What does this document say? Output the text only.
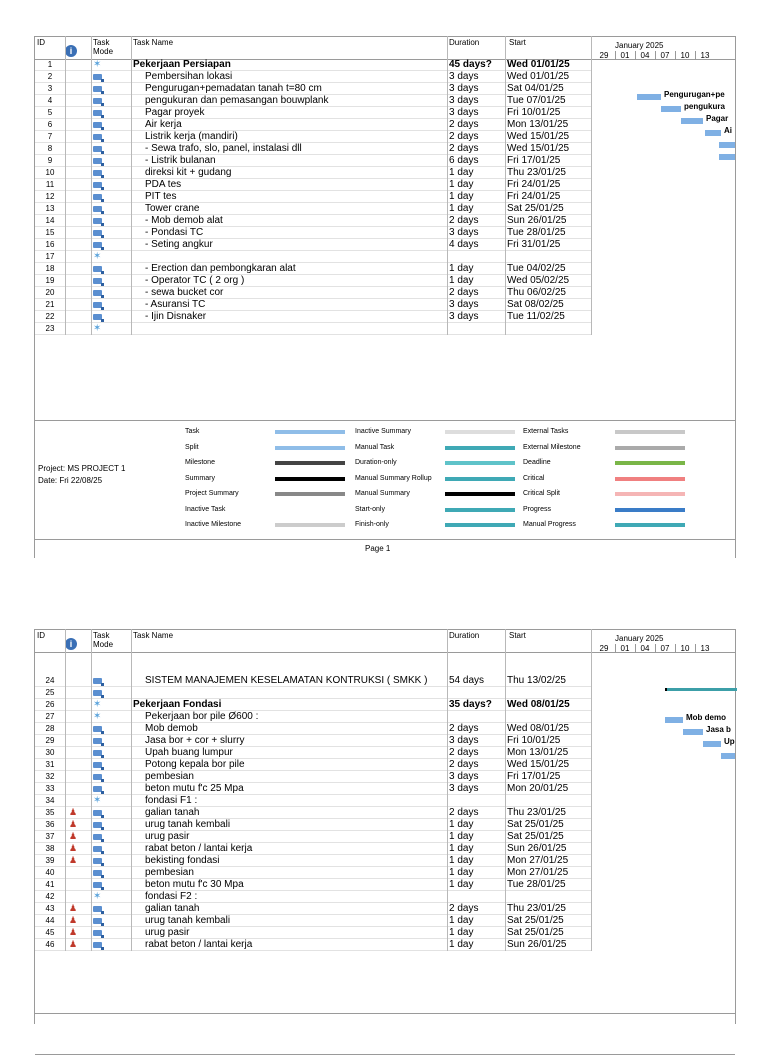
ID
i
Task Mode
Task Name	Duration	Start	January 2025
29	01	04	07	10	13
1	✶	Pekerjaan Persiapan	45 days?	Wed 01/01/25
2	Pembersihan lokasi	3 days	Wed 01/01/25
3	Pengurugan+pemadatan tanah t=80 cm	3 days	Sat 04/01/25
4	pengukuran dan pemasangan bouwplank	3 days	Tue 07/01/25
5	Pagar proyek	3 days	Fri 10/01/25
6	Air kerja	2 days	Mon 13/01/25
7	Listrik kerja (mandiri)	2 days	Wed 15/01/25
8	- Sewa trafo, slo, panel, instalasi dll	2 days	Wed 15/01/25
9	- Listrik bulanan	6 days	Fri 17/01/25
10	direksi kit + gudang	1 day	Thu 23/01/25
11	PDA tes	1 day	Fri 24/01/25
12	PIT tes	1 day	Fri 24/01/25
13	Tower crane	1 day	Sat 25/01/25
14	- Mob demob alat	2 days	Sun 26/01/25
15	- Pondasi TC	3 days	Tue 28/01/25
16	- Seting angkur	4 days	Fri 31/01/25
17	✶
18	- Erection dan pembongkaran alat	1 day	Tue 04/02/25
19	- Operator TC ( 2 org )	1 day	Wed 05/02/25
20	- sewa bucket cor	2 days	Thu 06/02/25
21	- Asuransi TC	3 days	Sat 08/02/25
22	- Ijin Disnaker	3 days	Tue 11/02/25
23	✶
Pengurugan+pe
pengukura
Pagar
Ai
Project: MS PROJECT 1
Date: Fri 22/08/25
Task
Split
Milestone
Summary
Project Summary
Inactive Task
Inactive Milestone
Inactive Summary
Manual Task
Duration-only
Manual Summary Rollup
Manual Summary
Start-only
Finish-only
External Tasks
External Milestone
Deadline
Critical
Critical Split
Progress
Manual Progress
Page 1
ID
i
Task Mode
Task Name	Duration	Start	January 2025
29	01	04	07	10	13
24	SISTEM MANAJEMEN KESELAMATAN KONTRUKSI ( SMKK )	54 days	Thu 13/02/25
25
26	✶	Pekerjaan Fondasi	35 days?	Wed 08/01/25
27	✶	Pekerjaan bor pile Ø600 :
28	Mob demob	2 days	Wed 08/01/25
29	Jasa bor + cor + slurry	3 days	Fri 10/01/25
30	Upah buang lumpur	2 days	Mon 13/01/25
31	Potong kepala bor pile	2 days	Wed 15/01/25
32	pembesian	3 days	Fri 17/01/25
33	beton mutu f'c 25 Mpa	3 days	Mon 20/01/25
34	✶	fondasi F1 :
35	♟	galian tanah	2 days	Thu 23/01/25
36	♟	urug tanah kembali	1 day	Sat 25/01/25
37	♟	urug pasir	1 day	Sat 25/01/25
38	♟	rabat beton / lantai kerja	1 day	Sun 26/01/25
39	♟	bekisting fondasi	1 day	Mon 27/01/25
40	pembesian	1 day	Mon 27/01/25
41	beton mutu f'c 30 Mpa	1 day	Tue 28/01/25
42	✶	fondasi F2 :
43	♟	galian tanah	2 days	Thu 23/01/25
44	♟	urug tanah kembali	1 day	Sat 25/01/25
45	♟	urug pasir	1 day	Sat 25/01/25
46	♟	rabat beton / lantai kerja	1 day	Sun 26/01/25
Mob demo
Jasa b
Up
